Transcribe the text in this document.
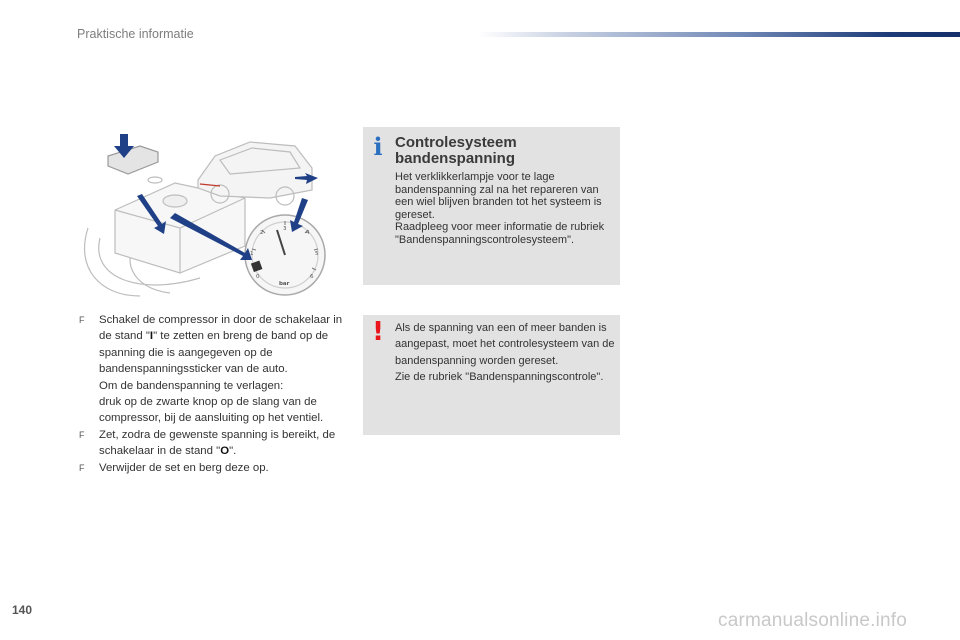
Praktische informatie
0
1
2
3
4
5
6
bar
F	Schakel de compressor in door de schakelaar in de stand "I" te zetten en breng de band op de spanning die is aangegeven op de bandenspanningssticker van de auto.
Om de bandenspanning te verlagen:
druk op de zwarte knop op de slang van de compressor, bij de aansluiting op het ventiel.
F	Zet, zodra de gewenste spanning is bereikt, de schakelaar in de stand "O".
F	Verwijder de set en berg deze op.
i Controlesysteem bandenspanning
Het verklikkerlampje voor te lage bandenspanning zal na het repareren van een wiel blijven branden tot het systeem is gereset.
Raadpleeg voor meer informatie de rubriek "Bandenspanningscontrolesysteem".
! Als de spanning van een of meer banden is aangepast, moet het controlesysteem van de bandenspanning worden gereset.
Zie de rubriek "Bandenspanningscontrole".
140	carmanualsonline.info
